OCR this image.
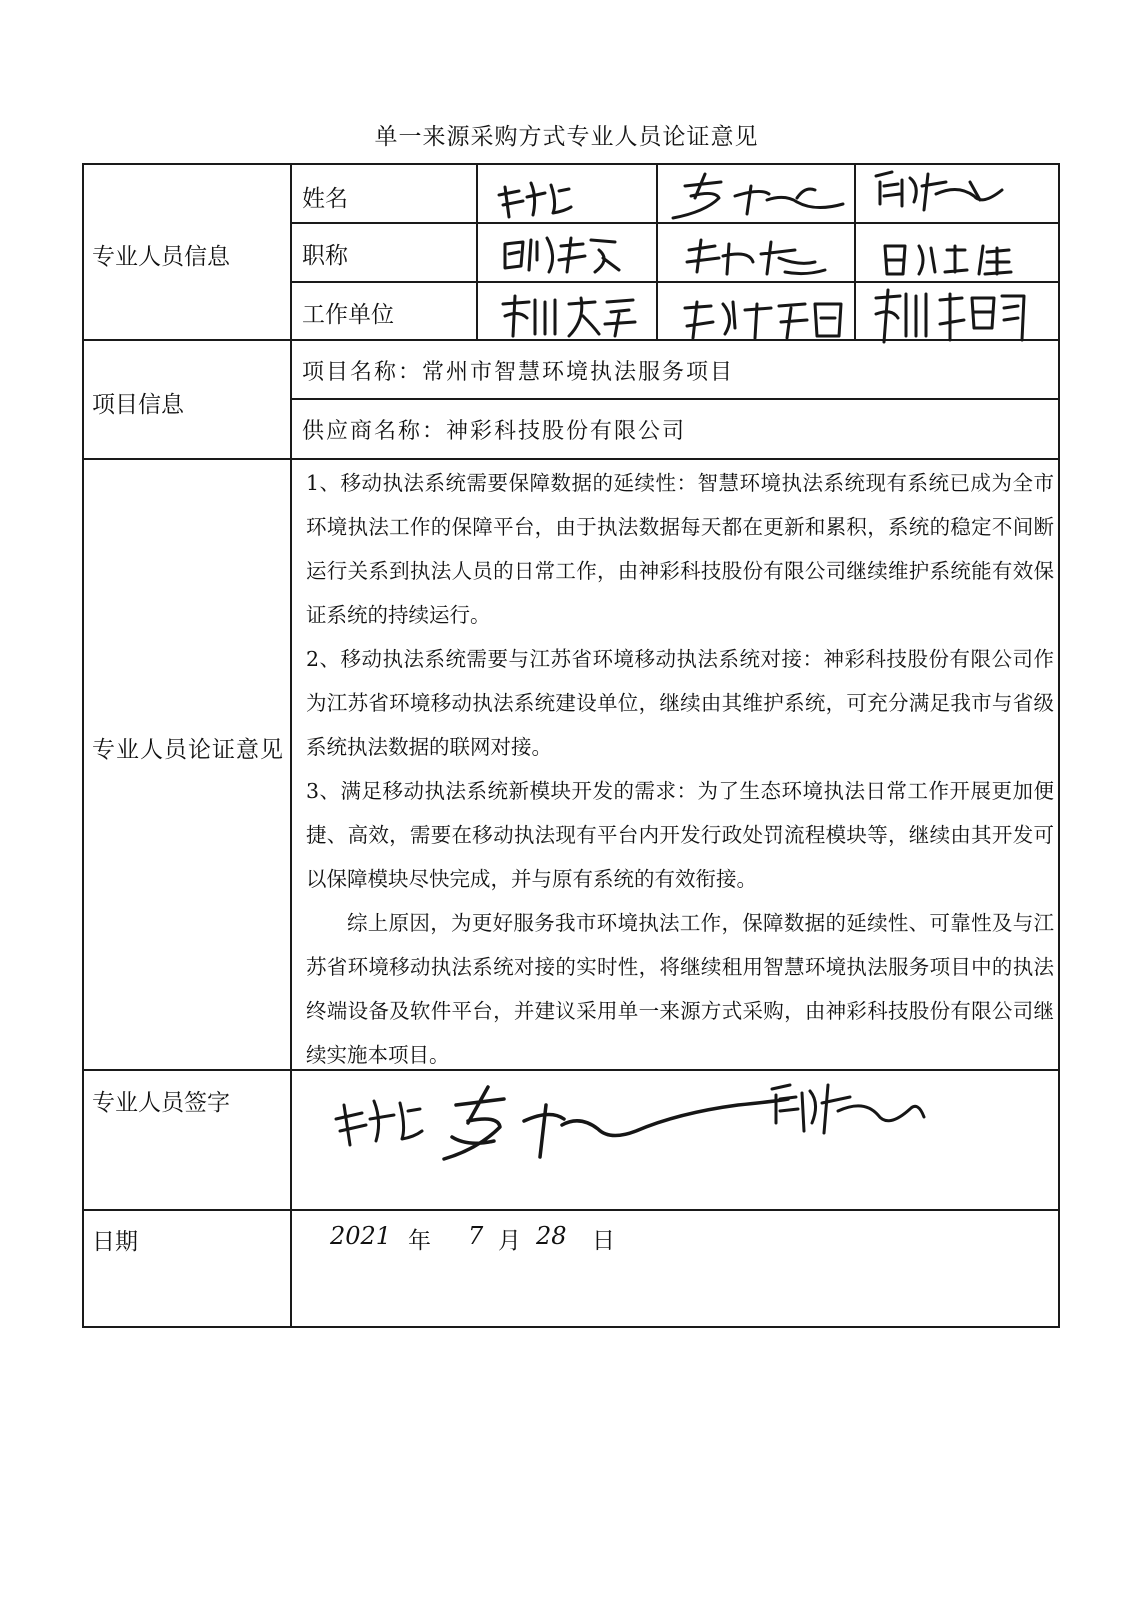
单一来源采购方式专业人员论证意见
专业人员信息
项目信息
专业人员论证意见
专业人员签字
日期
姓名
职称
工作单位
项目名称：常州市智慧环境执法服务项目
供应商名称：神彩科技股份有限公司
1、移动执法系统需要保障数据的延续性：智慧环境执法系统现有系统已成为全市环境执法工作的保障平台，由于执法数据每天都在更新和累积，系统的稳定不间断运行关系到执法人员的日常工作，由神彩科技股份有限公司继续维护系统能有效保证系统的持续运行。
2、移动执法系统需要与江苏省环境移动执法系统对接：神彩科技股份有限公司作为江苏省环境移动执法系统建设单位，继续由其维护系统，可充分满足我市与省级系统执法数据的联网对接。
3、满足移动执法系统新模块开发的需求：为了生态环境执法日常工作开展更加便捷、高效，需要在移动执法现有平台内开发行政处罚流程模块等，继续由其开发可以保障模块尽快完成，并与原有系统的有效衔接。
综上原因，为更好服务我市环境执法工作，保障数据的延续性、可靠性及与江苏省环境移动执法系统对接的实时性，将继续租用智慧环境执法服务项目中的执法终端设备及软件平台，并建议采用单一来源方式采购，由神彩科技股份有限公司继续实施本项目。
2021 年 7 月 28 日
